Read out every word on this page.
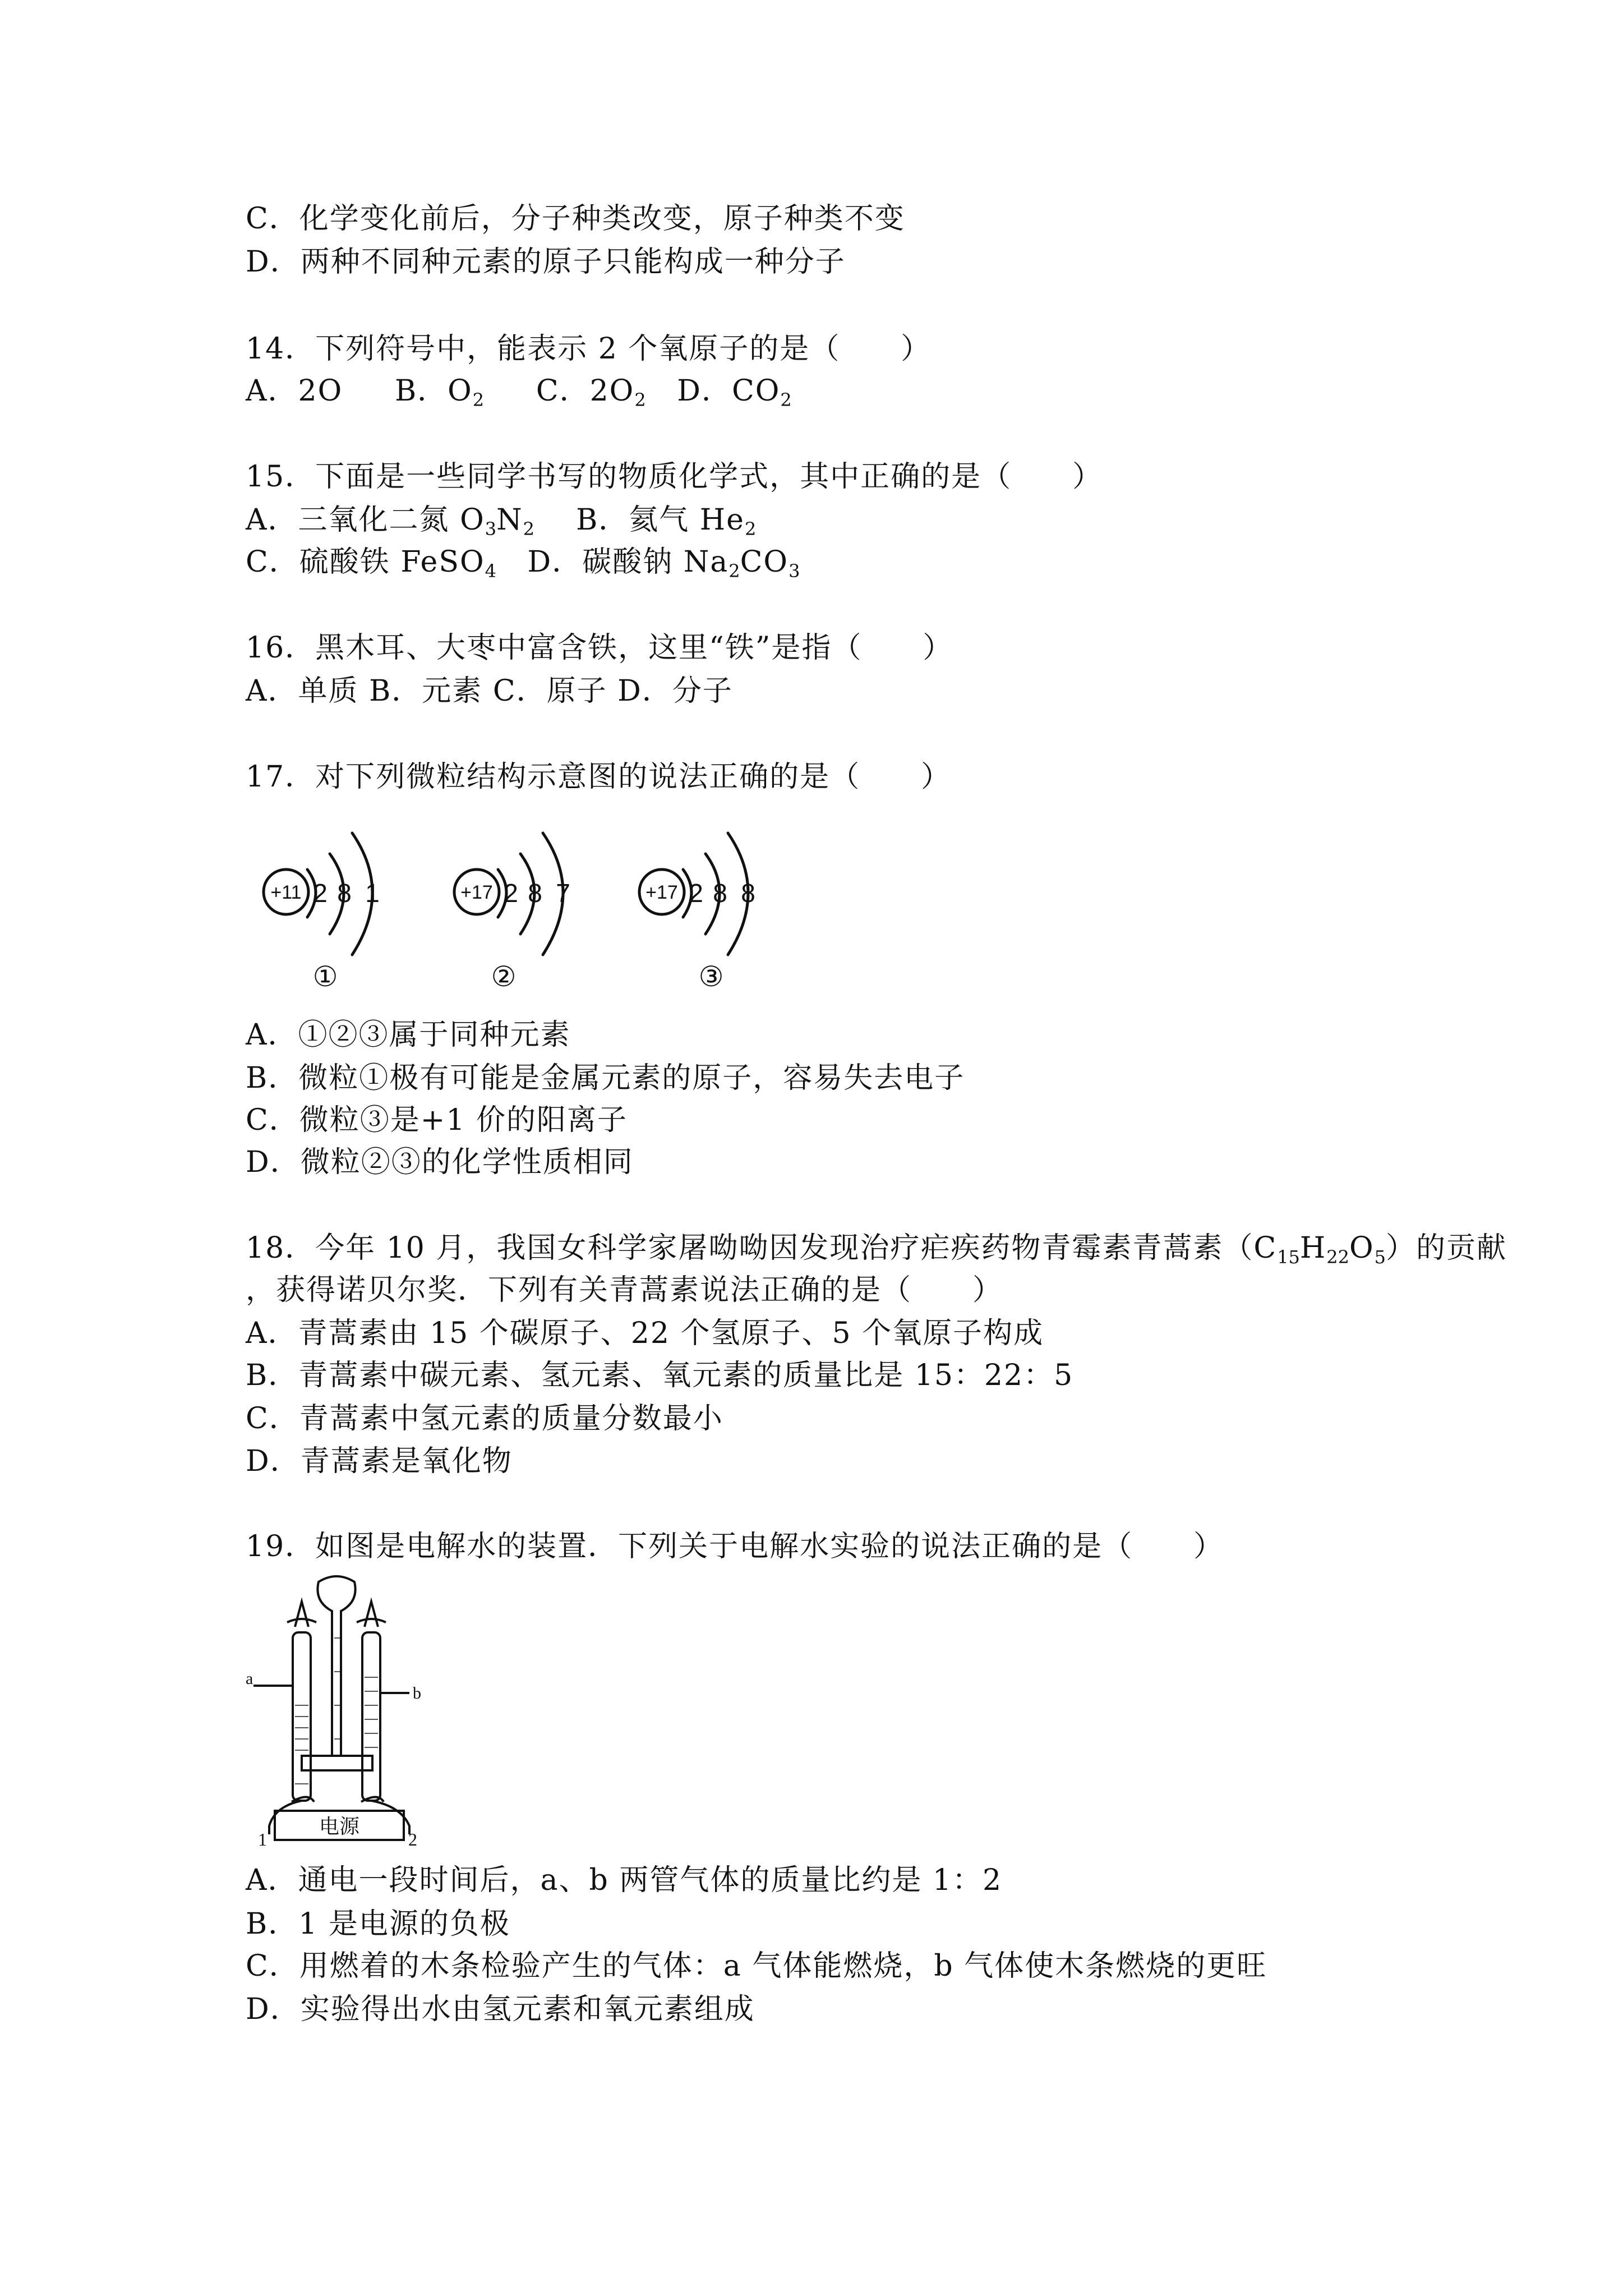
C．化学变化前后，分子种类改变，原子种类不变
D．两种不同种元素的原子只能构成一种分子
14．下列符号中，能表示 2 个氧原子的是（　　）
A．2O B．$O_2$ C．$2O_2$ D．$CO_2$
15．下面是一些同学书写的物质化学式，其中正确的是（　　）
A．三氧化二氮 $O_3N_2$ B．氦气 $He_2$
C．硫酸铁 FeSO$_4$ D．碳酸钠 $Na_2CO_3$
16．黑木耳、大枣中富含铁，这里“铁”是指（　　）
A．单质 B．元素 C．原子 D．分子
17．对下列微粒结构示意图的说法正确的是（　　）
+11 2 8 1
①
+17 2 8 7
②
+17 2 8 8
③
A．①②③属于同种元素
B．微粒①极有可能是金属元素的原子，容易失去电子
C．微粒③是+1 价的阳离子
D．微粒②③的化学性质相同
18．今年 10 月，我国女科学家屠呦呦因发现治疗疟疾药物青霉素青蒿素$(C_{15}H_{22}O_5)$的贡献
，获得诺贝尔奖．下列有关青蒿素说法正确的是（　　）
A．青蒿素由 15 个碳原子、22 个氢原子、5 个氧原子构成
B．青蒿素中碳元素、氢元素、氧元素的质量比是 15：22：5
C．青蒿素中氢元素的质量分数最小
D．青蒿素是氧化物
19．如图是电解水的装置．下列关于电解水实验的说法正确的是（　　）
a
b
电源
1	2
A．通电一段时间后，a、b 两管气体的质量比约是 1：2
B．1 是电源的负极
C．用燃着的木条检验产生的气体：a 气体能燃烧，b 气体使木条燃烧的更旺
D．实验得出水由氢元素和氧元素组成
